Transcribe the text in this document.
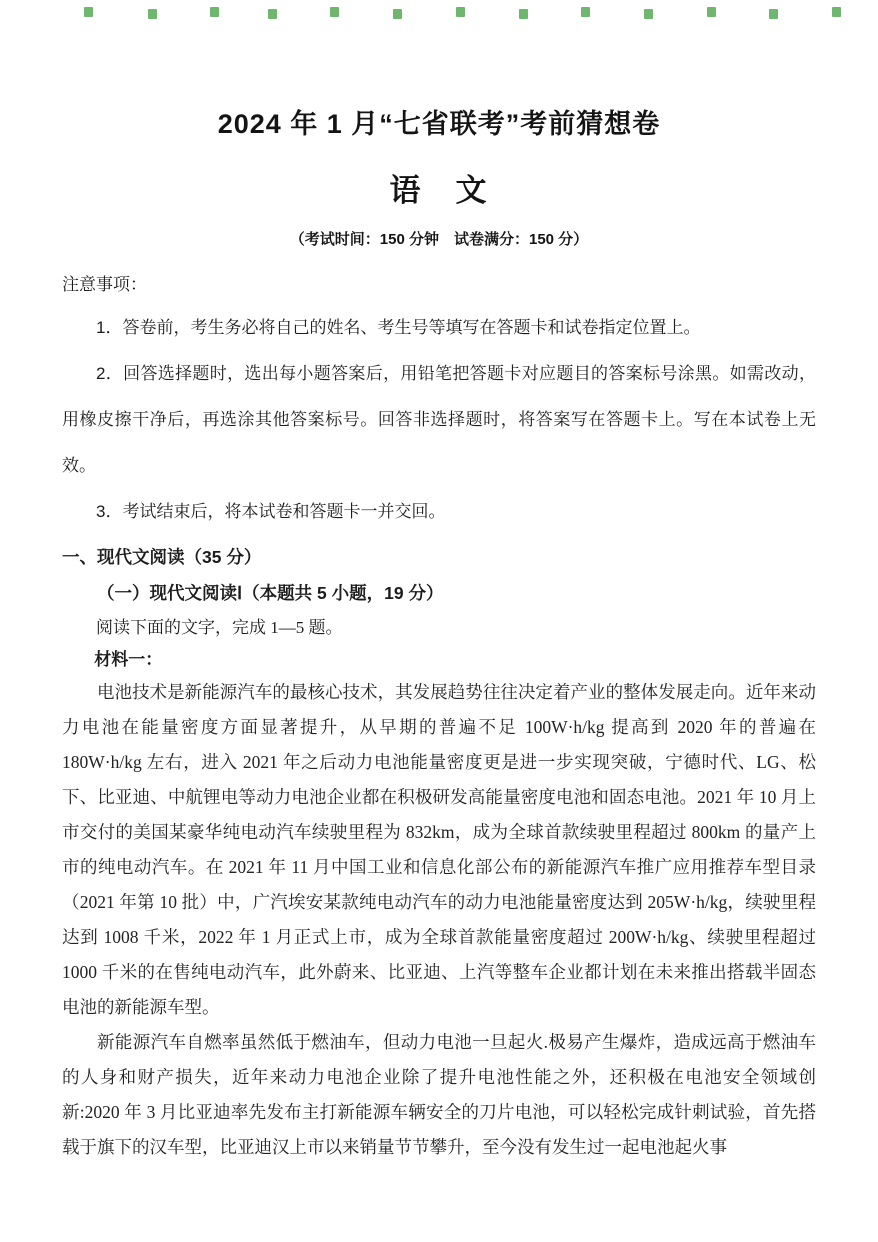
2024 年 1 月“七省联考”考前猜想卷
语　文
（考试时间：150 分钟　试卷满分：150 分）
注意事项：

1．答卷前，考生务必将自己的姓名、考生号等填写在答题卡和试卷指定位置上。

2．回答选择题时，选出每小题答案后，用铅笔把答题卡对应题目的答案标号涂黑。如需改动，用橡皮擦干净后，再选涂其他答案标号。回答非选择题时，将答案写在答题卡上。写在本试卷上无效。

3．考试结束后，将本试卷和答题卡一并交回。

一、现代文阅读（35 分）
（一）现代文阅读Ⅰ（本题共 5 小题，19 分）
阅读下面的文字，完成 1—5 题。
材料一：

电池技术是新能源汽车的最核心技术，其发展趋势往往决定着产业的整体发展走向。近年来动力电池在能量密度方面显著提升，从早期的普遍不足 100W·h/kg 提高到 2020 年的普遍在 180W·h/kg 左右，进入 2021 年之后动力电池能量密度更是进一步实现突破，宁德时代、LG、松下、比亚迪、中航锂电等动力电池企业都在积极研发高能量密度电池和固态电池。2021 年 10 月上市交付的美国某豪华纯电动汽车续驶里程为 832km，成为全球首款续驶里程超过 800km 的量产上市的纯电动汽车。在 2021 年 11 月中国工业和信息化部公布的新能源汽车推广应用推荐车型目录（2021 年第 10 批）中，广汽埃安某款纯电动汽车的动力电池能量密度达到 205W·h/kg，续驶里程达到 1008 千米，2022 年 1 月正式上市，成为全球首款能量密度超过 200W·h/kg、续驶里程超过 1000 千米的在售纯电动汽车，此外蔚来、比亚迪、上汽等整车企业都计划在未来推出搭载半固态电池的新能源车型。

新能源汽车自燃率虽然低于燃油车，但动力电池一旦起火.极易产生爆炸，造成远高于燃油车的人身和财产损失，近年来动力电池企业除了提升电池性能之外，还积极在电池安全领域创新:2020 年 3 月比亚迪率先发布主打新能源车辆安全的刀片电池，可以轻松完成针刺试验，首先搭载于旗下的汉车型，比亚迪汉上市以来销量节节攀升，至今没有发生过一起电池起火事
